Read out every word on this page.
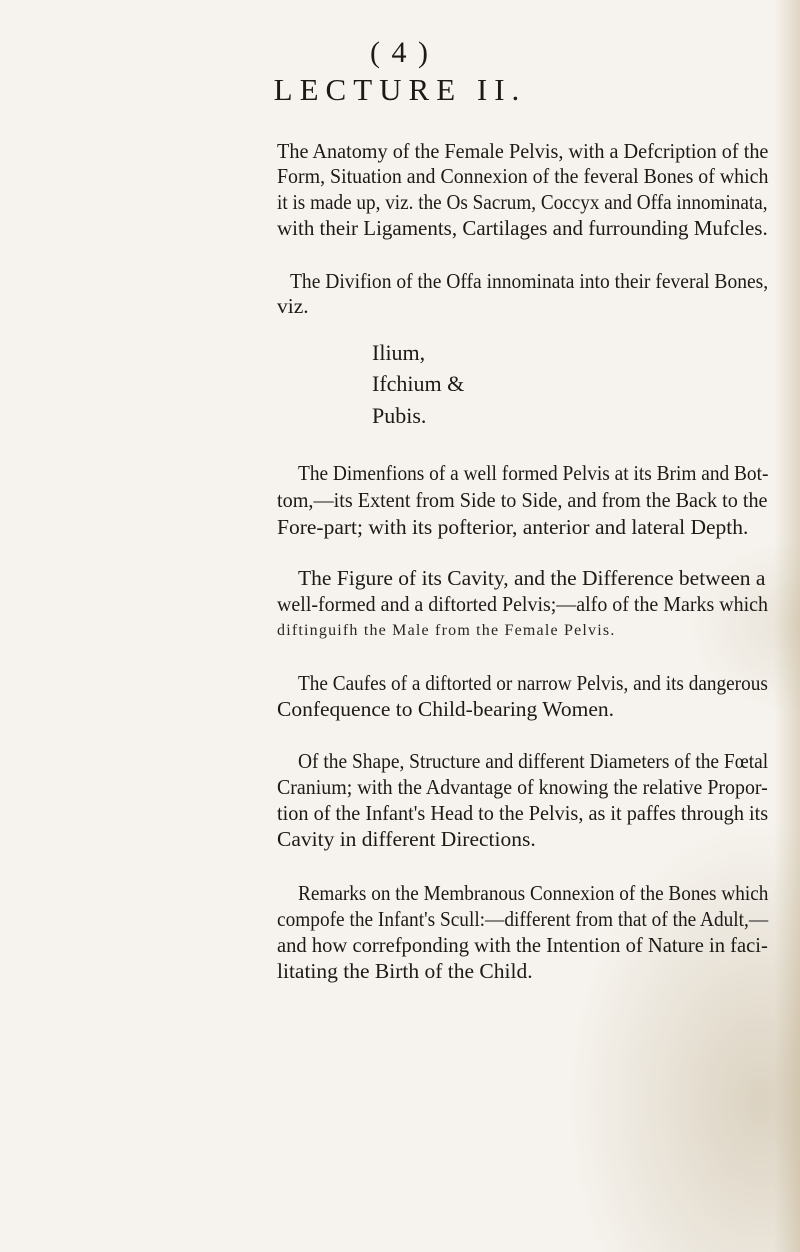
( 4 )
LECTURE II.
The Anatomy of the Female Pelvis, with a Defcription of the
Form, Situation and Connexion of the feveral Bones of which
it is made up, viz. the Os Sacrum, Coccyx and Offa innominata,
with their Ligaments, Cartilages and furrounding Mufcles.
The Divifion of the Offa innominata into their feveral Bones,
viz.
Ilium,
Ifchium &
Pubis.
The Dimenfions of a well formed Pelvis at its Brim and Bot-
tom,—its Extent from Side to Side, and from the Back to the
Fore-part; with its pofterior, anterior and lateral Depth.
The Figure of its Cavity, and the Difference between a
well-formed and a diftorted Pelvis;—alfo of the Marks which
diftinguifh the Male from the Female Pelvis.
The Caufes of a diftorted or narrow Pelvis, and its dangerous
Confequence to Child-bearing Women.
Of the Shape, Structure and different Diameters of the Fœtal
Cranium; with the Advantage of knowing the relative Propor-
tion of the Infant's Head to the Pelvis, as it paffes through its
Cavity in different Directions.
Remarks on the Membranous Connexion of the Bones which
compofe the Infant's Scull:—different from that of the Adult,—
and how correfponding with the Intention of Nature in faci-
litating the Birth of the Child.
